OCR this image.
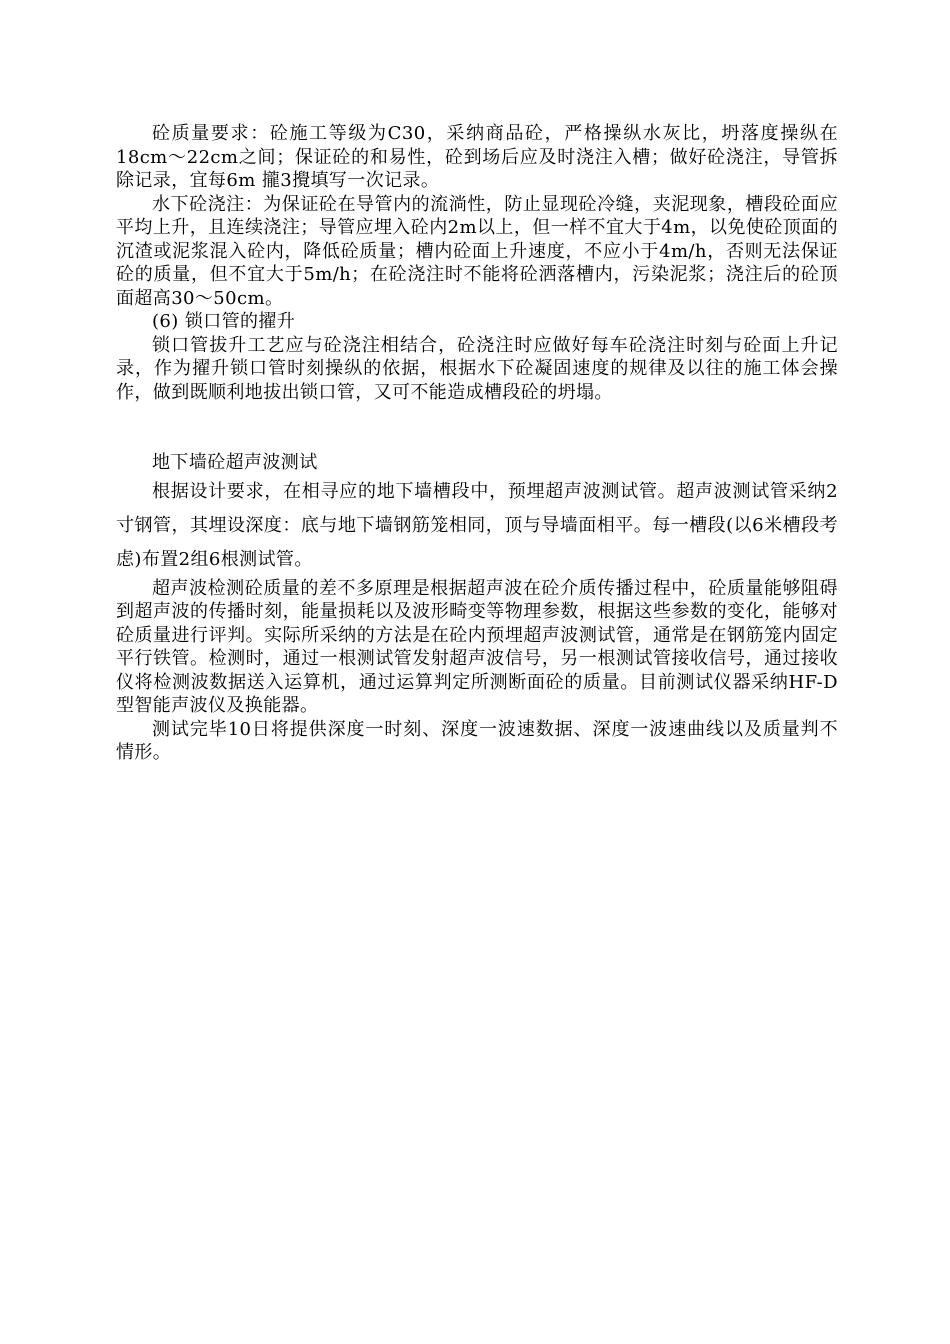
砼质量要求：砼施工等级为C30，采纳商品砼，严格操纵水灰比，坍落度操纵在18cm～22cm之间；保证砼的和易性，砼到场后应及时浇注入槽；做好砼浇注，导管拆除记录，宜每6m 攏3攪填写一次记录。

水下砼浇注：为保证砼在导管内的流淌性，防止显现砼冷缝，夹泥现象，槽段砼面应平均上升，且连续浇注；导管应埋入砼内2m以上，但一样不宜大于4m，以免使砼顶面的沉渣或泥浆混入砼内，降低砼质量；槽内砼面上升速度，不应小于4m/h，否则无法保证砼的质量，但不宜大于5m/h；在砼浇注时不能将砼洒落槽内，污染泥浆；浇注后的砼顶面超高30～50cm。

(6) 锁口管的擢升

锁口管拔升工艺应与砼浇注相结合，砼浇注时应做好每车砼浇注时刻与砼面上升记录，作为擢升锁口管时刻操纵的依据，根据水下砼凝固速度的规律及以往的施工体会操作，做到既顺利地拔出锁口管，又可不能造成槽段砼的坍塌。

地下墙砼超声波测试

根据设计要求，在相寻应的地下墙槽段中，预埋超声波测试管。超声波测试管采纳2寸钢管，其埋设深度：底与地下墙钢筋笼相同，顶与导墙面相平。每一槽段(以6米槽段考虑)布置2组6根测试管。

超声波检测砼质量的差不多原理是根据超声波在砼介质传播过程中，砼质量能够阻碍到超声波的传播时刻，能量损耗以及波形畸变等物理参数，根据这些参数的变化，能够对砼质量进行评判。实际所采纳的方法是在砼内预埋超声波测试管，通常是在钢筋笼内固定平行铁管。检测时，通过一根测试管发射超声波信号，另一根测试管接收信号，通过接收仪将检测波数据送入运算机，通过运算判定所测断面砼的质量。目前测试仪器采纳HF-D型智能声波仪及换能器。

测试完毕10日将提供深度一时刻、深度一波速数据、深度一波速曲线以及质量判不情形。
